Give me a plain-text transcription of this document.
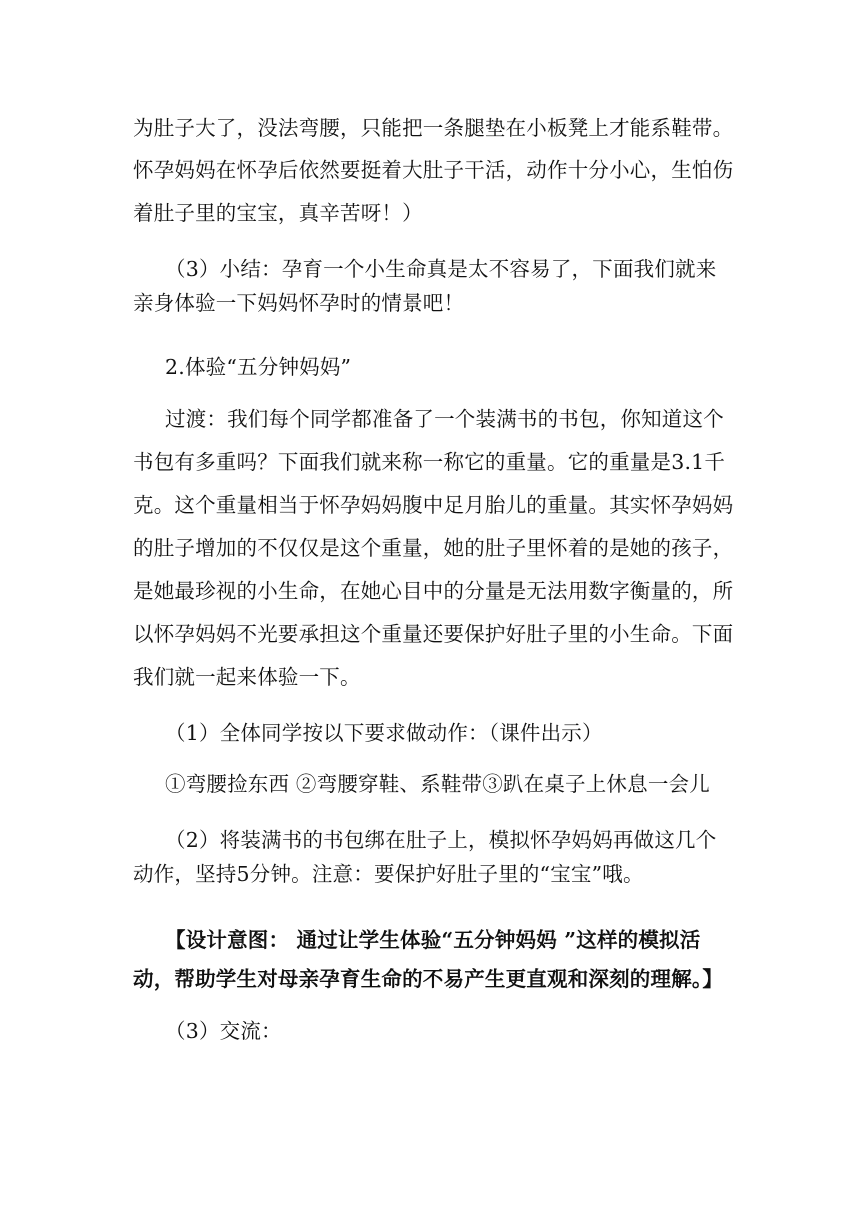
为肚子大了，没法弯腰，只能把一条腿垫在小板凳上才能系鞋带。
怀孕妈妈在怀孕后依然要挺着大肚子干活，动作十分小心，生怕伤
着肚子里的宝宝，真辛苦呀！）
（3）小结：孕育一个小生命真是太不容易了，下面我们就来
亲身体验一下妈妈怀孕时的情景吧！
2.体验“五分钟妈妈”
过渡：我们每个同学都准备了一个装满书的书包，你知道这个
书包有多重吗？下面我们就来称一称它的重量。它的重量是3.1千
克。这个重量相当于怀孕妈妈腹中足月胎儿的重量。其实怀孕妈妈
的肚子增加的不仅仅是这个重量，她的肚子里怀着的是她的孩子，
是她最珍视的小生命，在她心目中的分量是无法用数字衡量的，所
以怀孕妈妈不光要承担这个重量还要保护好肚子里的小生命。下面
我们就一起来体验一下。
（1）全体同学按以下要求做动作：（课件出示）
①弯腰捡东西 ②弯腰穿鞋、系鞋带③趴在桌子上休息一会儿
（2）将装满书的书包绑在肚子上，模拟怀孕妈妈再做这几个
动作，坚持5分钟。注意：要保护好肚子里的“宝宝”哦。
【设计意图： 通过让学生体验“五分钟妈妈 ”这样的模拟活
动，帮助学生对母亲孕育生命的不易产生更直观和深刻的理解。】
（3）交流：
